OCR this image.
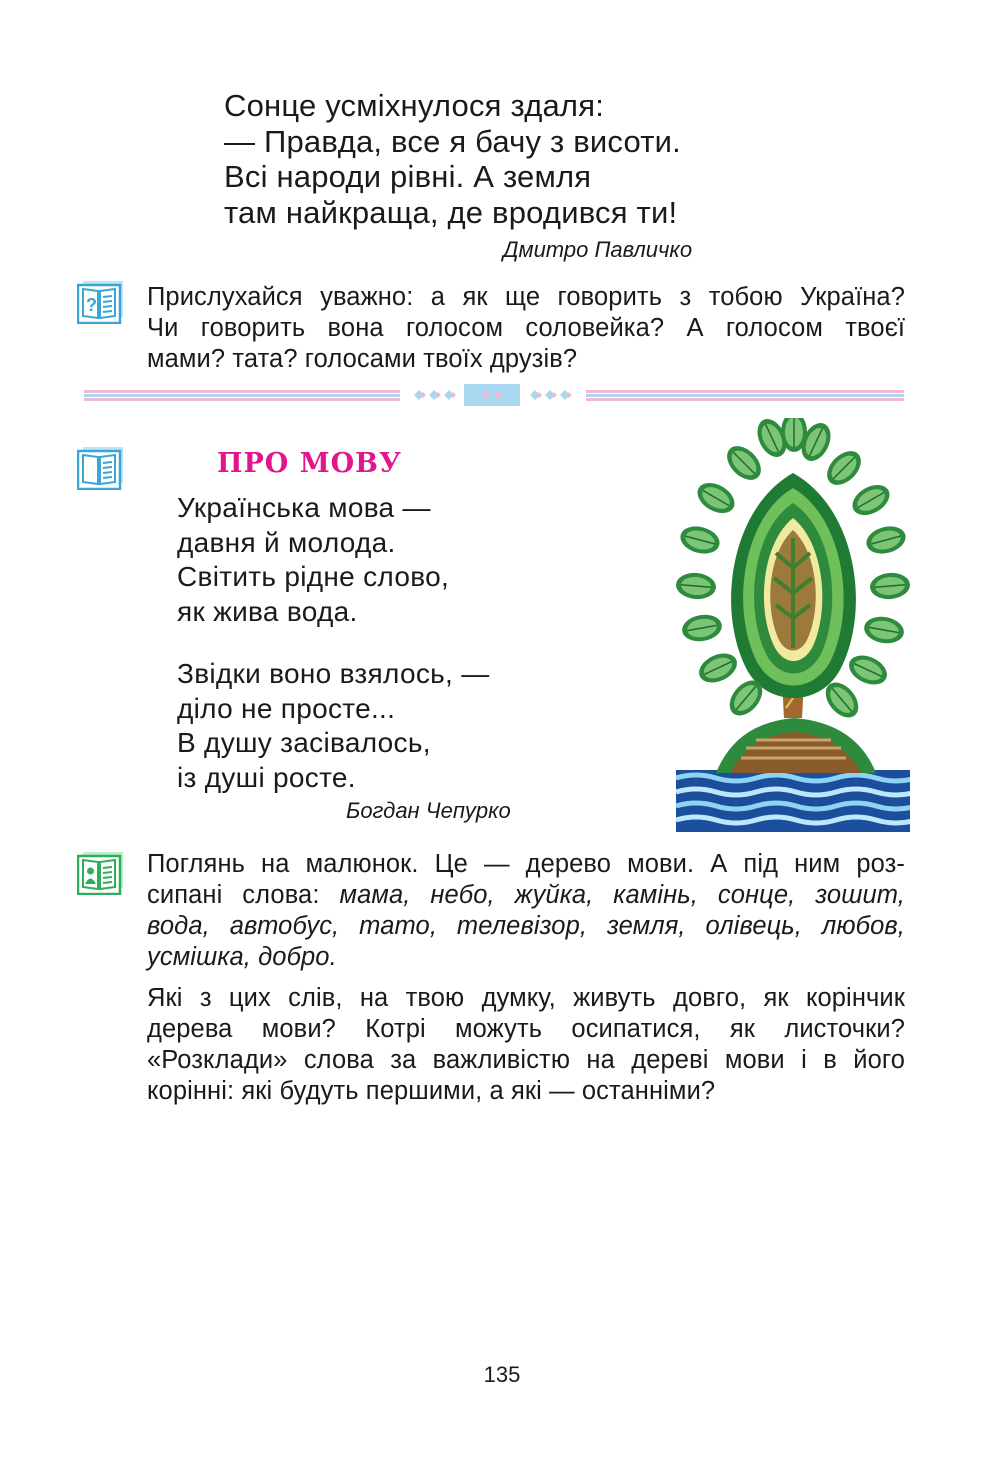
Сонце усміхнулося здаля:
— Правда, все я бачу з висоти.
Всі народи рівні. А земля
там найкраща, де вродився ти!
Дмитро Павличко
? Прислухайся уважно: а як ще говорить з тобою Україна?
Чи говорить вона голосом соловейка? А голосом твоєї
мами? тата? голосами твоїх друзів?
ПРО МОВУ
Українська мова —
давня й молода.
Світить рідне слово,
як жива вода.
Звідки воно взялось, —
діло не просте...
В душу засівалось,
із душі росте.
Богдан Чепурко
Поглянь на малюнок. Це — дерево мови. А під ним роз-
сипані слова: мама, небо, жуйка, камінь, сонце, зошит,
вода, автобус, тато, телевізор, земля, олівець, любов,
усмішка, добро.
Які з цих слів, на твою думку, живуть довго, як корінчик
дерева мови? Котрі можуть осипатися, як листочки?
«Розклади» слова за важливістю на дереві мови і в його
корінні: які будуть першими, а які — останніми?
135
